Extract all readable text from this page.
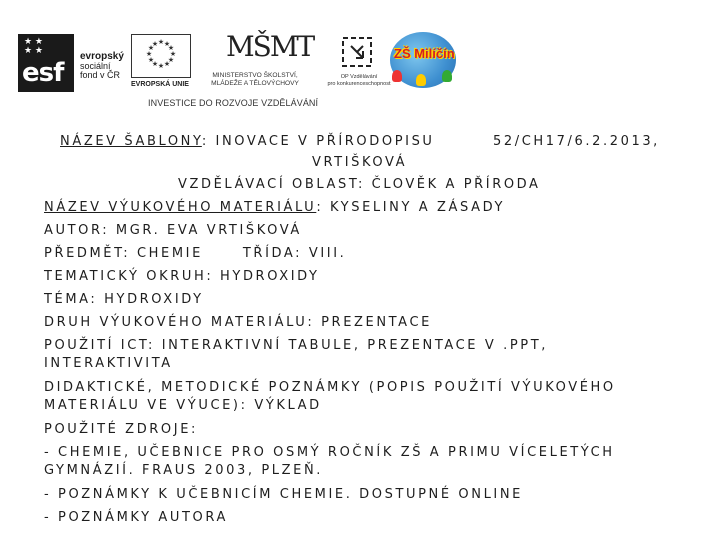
★ ★
★ ★
esf
evropský
sociální
fond v ČR
★ ★
★
★
★
★
★
★
★
★
★
★
EVROPSKÁ UNIE
MŠMT
MINISTERSTVO ŠKOLSTVÍ,
MLÁDEŽE A TĚLOVÝCHOVY
OP Vzdělávání
pro konkurenceschopnost
ZŠ Milíčín
INVESTICE DO ROZVOJE VZDĚLÁVÁNÍ
NÁZEV ŠABLONY: INOVACE V PŘÍRODOPISU	52/CH17/6.2.2013,
VRTIŠKOVÁ
VZDĚLÁVACÍ OBLAST: ČLOVĚK A PŘÍRODA
NÁZEV VÝUKOVÉHO MATERIÁLU: KYSELINY A ZÁSADY
AUTOR: MGR. EVA VRTIŠKOVÁ
PŘEDMĚT: CHEMIE	TŘÍDA: VIII.
TEMATICKÝ OKRUH: HYDROXIDY
TÉMA: HYDROXIDY
DRUH VÝUKOVÉHO MATERIÁLU: PREZENTACE
POUŽITÍ ICT: INTERAKTIVNÍ TABULE, PREZENTACE V .PPT,
INTERAKTIVITA
DIDAKTICKÉ, METODICKÉ POZNÁMKY (POPIS POUŽITÍ VÝUKOVÉHO
MATERIÁLU VE VÝUCE): VÝKLAD
POUŽITÉ ZDROJE:
- CHEMIE, UČEBNICE PRO OSMÝ ROČNÍK ZŠ A PRIMU VÍCELETÝCH
GYMNÁZIÍ. FRAUS 2003, PLZEŇ.
- POZNÁMKY K UČEBNICÍM CHEMIE. DOSTUPNÉ ONLINE
- POZNÁMKY AUTORA
